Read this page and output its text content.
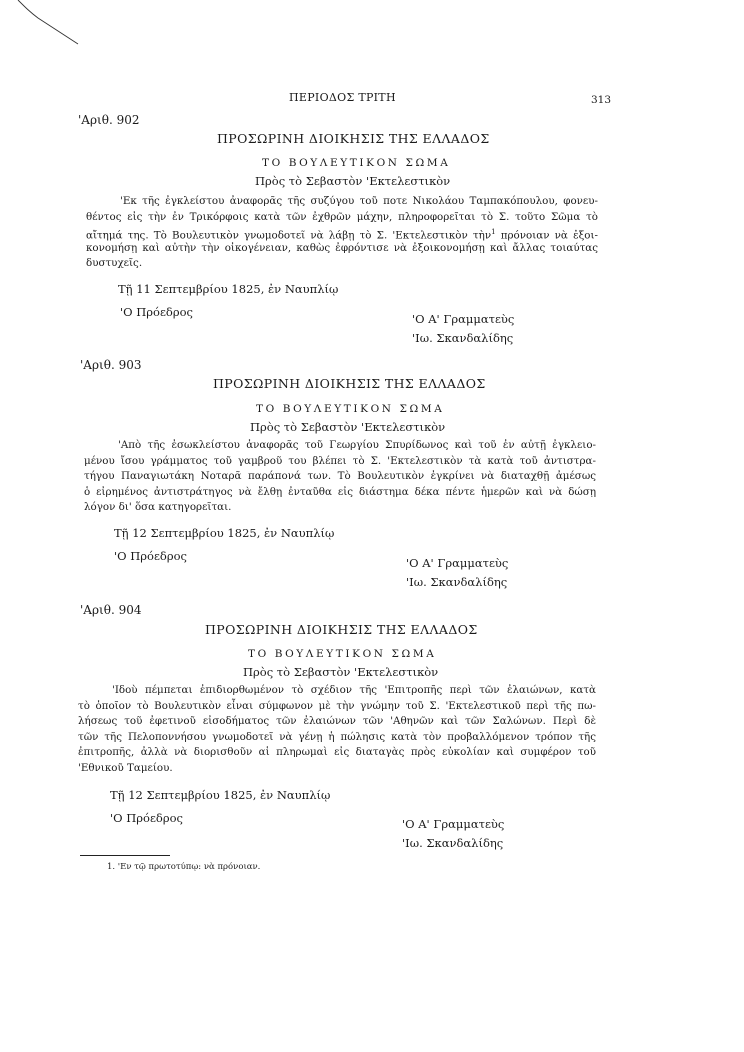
ΠΕΡΙΟΔΟΣ ΤΡΙΤΗ	313
'Αριθ. 902
ΠΡΟΣΩΡΙΝΗ ΔΙΟΙΚΗΣΙΣ ΤΗΣ ΕΛΛΑΔΟΣ
ΤΟ ΒΟΥΛΕΥΤΙΚΟΝ ΣΩΜΑ
Πρὸς τὸ Σεβαστὸν 'Εκτελεστικὸν
'Εκ τῆς ἐγκλείστου ἀναφορᾶς τῆς συζύγου τοῦ ποτε Νικολάου Ταμπακόπουλου, φονευ-
θέντος εἰς τὴν ἐν Τρικόρφοις κατὰ τῶν ἐχθρῶν μάχην, πληροφορεῖται τὸ Σ. τοῦτο Σῶμα τὸ
αἴτημά της. Τὸ Βουλευτικὸν γνωμοδοτεῖ νὰ λάβῃ τὸ Σ. 'Εκτελεστικὸν τὴν$^1$ πρόνοιαν νὰ ἐξοι-
κονομήσῃ καὶ αὐτὴν τὴν οἰκογένειαν, καθὼς ἐφρόντισε νὰ ἐξοικονομήσῃ καὶ ἄλλας τοιαύτας
δυστυχεῖς.
Τῇ 11 Σεπτεμβρίου 1825, ἐν Ναυπλίῳ
'Ο Πρόεδρος	'Ο Α' Γραμματεὺς
'Ιω. Σκανδαλίδης
'Αριθ. 903
ΠΡΟΣΩΡΙΝΗ ΔΙΟΙΚΗΣΙΣ ΤΗΣ ΕΛΛΑΔΟΣ
ΤΟ ΒΟΥΛΕΥΤΙΚΟΝ ΣΩΜΑ
Πρὸς τὸ Σεβαστὸν 'Εκτελεστικὸν
'Απὸ τῆς ἐσωκλείστου ἀναφορᾶς τοῦ Γεωργίου Σπυρίδωνος καὶ τοῦ ἐν αὐτῇ ἐγκλειο-
μένου ἴσου γράμματος τοῦ γαμβροῦ του βλέπει τὸ Σ. 'Εκτελεστικὸν τὰ κατὰ τοῦ ἀντιστρα-
τήγου Παναγιωτάκη Νοταρᾶ παράπονά των. Τὸ Βουλευτικὸν ἐγκρίνει νὰ διαταχθῇ ἀμέσως
ὁ εἰρημένος ἀντιστράτηγος νὰ ἔλθῃ ἐνταῦθα εἰς διάστημα δέκα πέντε ἡμερῶν καὶ νὰ δώσῃ
λόγον δι' ὅσα κατηγορεῖται.
Τῇ 12 Σεπτεμβρίου 1825, ἐν Ναυπλίῳ
'Ο Πρόεδρος	'Ο Α' Γραμματεὺς
'Ιω. Σκανδαλίδης
'Αριθ. 904
ΠΡΟΣΩΡΙΝΗ ΔΙΟΙΚΗΣΙΣ ΤΗΣ ΕΛΛΑΔΟΣ
ΤΟ ΒΟΥΛΕΥΤΙΚΟΝ ΣΩΜΑ
Πρὸς τὸ Σεβαστὸν 'Εκτελεστικὸν
'Ιδοὺ πέμπεται ἐπιδιορθωμένον τὸ σχέδιον τῆς 'Επιτροπῆς περὶ τῶν ἐλαιώνων, κατὰ
τὸ ὁποῖον τὸ Βουλευτικὸν εἶναι σύμφωνον μὲ τὴν γνώμην τοῦ Σ. 'Εκτελεστικοῦ περὶ τῆς πω-
λήσεως τοῦ ἐφετινοῦ εἰσοδήματος τῶν ἐλαιώνων τῶν 'Αθηνῶν καὶ τῶν Σαλώνων. Περὶ δὲ
τῶν τῆς Πελοποννήσου γνωμοδοτεῖ νὰ γένῃ ἡ πώλησις κατὰ τὸν προβαλλόμενον τρόπον τῆς
ἐπιτροπῆς, ἀλλὰ νὰ διορισθοῦν αἱ πληρωμαὶ εἰς διαταγὰς πρὸς εὐκολίαν καὶ συμφέρον τοῦ
'Εθνικοῦ Ταμείου.
Τῇ 12 Σεπτεμβρίου 1825, ἐν Ναυπλίῳ
'Ο Πρόεδρος	'Ο Α' Γραμματεὺς
'Ιω. Σκανδαλίδης
1. 'Εν τῷ πρωτοτύπῳ: νὰ πρόνοιαν.
